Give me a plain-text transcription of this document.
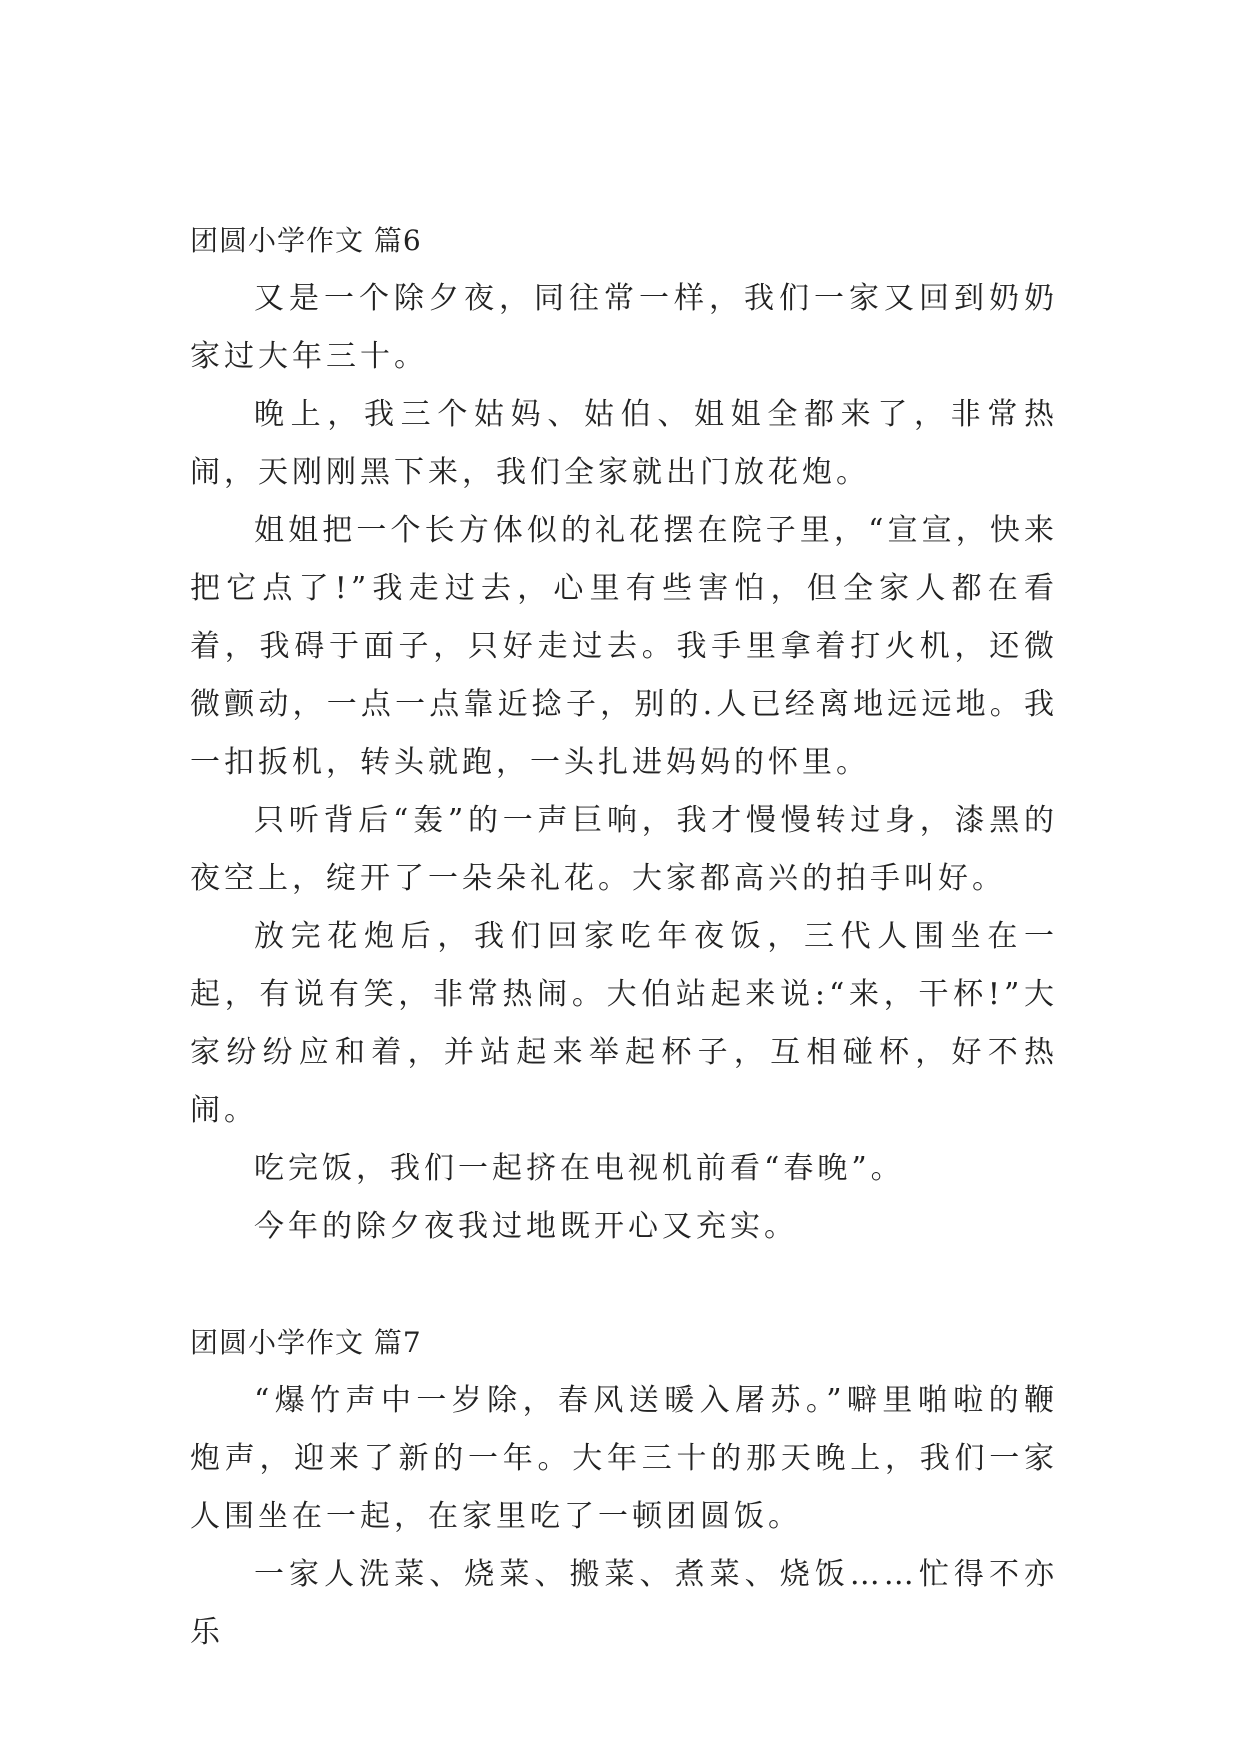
团圆小学作文 篇6

又是一个除夕夜，同往常一样，我们一家又回到奶奶家过大年三十。

晚上，我三个姑妈、姑伯、姐姐全都来了，非常热闹，天刚刚黑下来，我们全家就出门放花炮。

姐姐把一个长方体似的礼花摆在院子里，“宣宣，快来把它点了!”我走过去，心里有些害怕，但全家人都在看着，我碍于面子，只好走过去。我手里拿着打火机，还微微颤动，一点一点靠近捻子，别的.人已经离地远远地。我一扣扳机，转头就跑，一头扎进妈妈的怀里。

只听背后“轰”的一声巨响，我才慢慢转过身，漆黑的夜空上，绽开了一朵朵礼花。大家都高兴的拍手叫好。

放完花炮后，我们回家吃年夜饭，三代人围坐在一起，有说有笑，非常热闹。大伯站起来说:“来，干杯!”大家纷纷应和着，并站起来举起杯子，互相碰杯，好不热闹。

吃完饭，我们一起挤在电视机前看“春晚”。

今年的除夕夜我过地既开心又充实。

团圆小学作文 篇7

“爆竹声中一岁除，春风送暖入屠苏。”噼里啪啦的鞭炮声，迎来了新的一年。大年三十的那天晚上，我们一家人围坐在一起，在家里吃了一顿团圆饭。

一家人洗菜、烧菜、搬菜、煮菜、烧饭……忙得不亦乐
